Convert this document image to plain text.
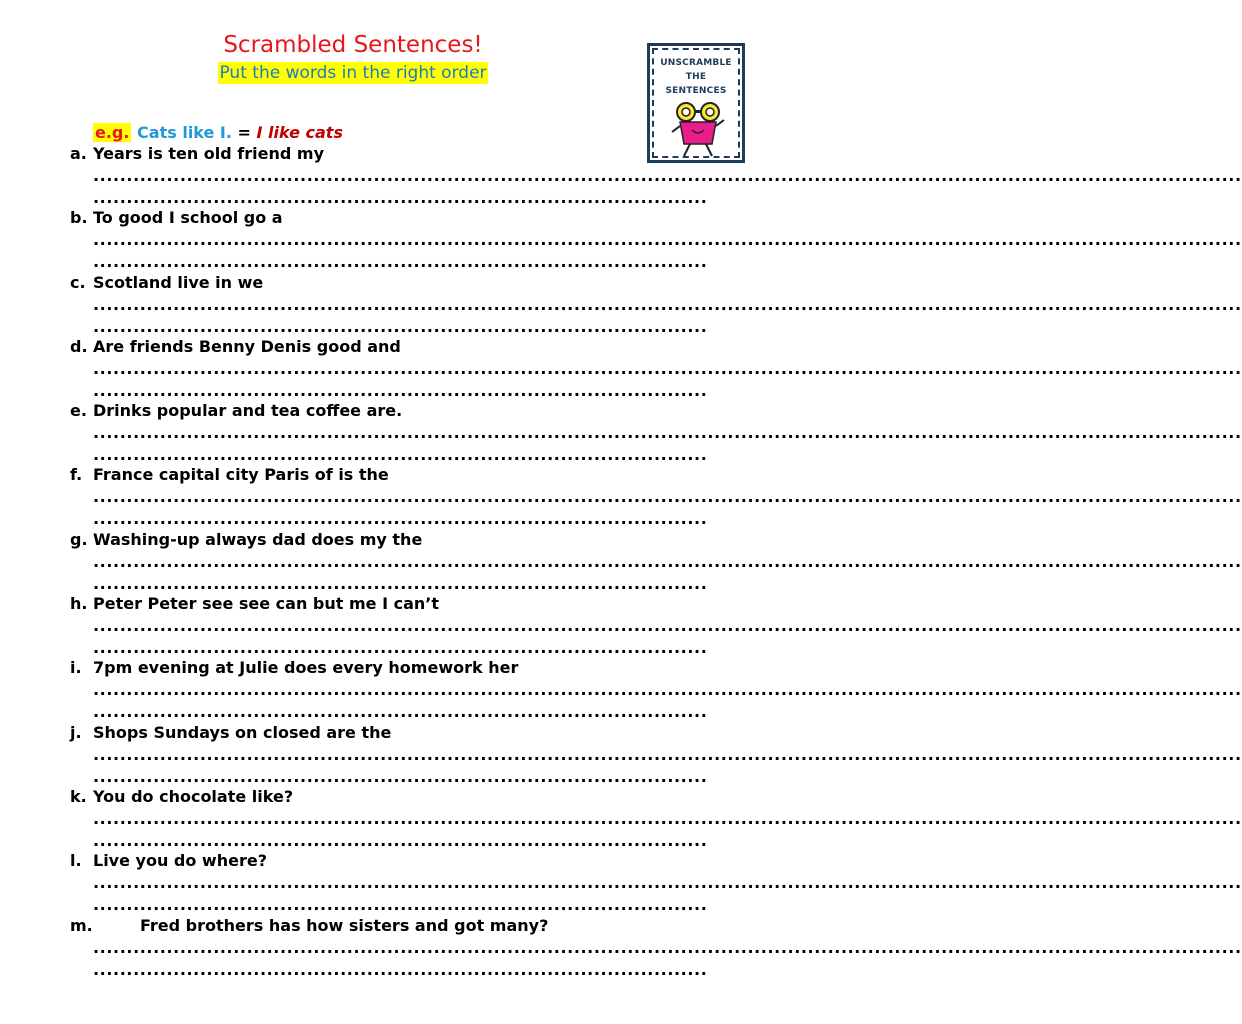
Scrambled Sentences!
Put the words in the right order	UNSCRAMBLE
THE
SENTENCES
e.g. Cats like I. = I like cats
a. Years is ten old friend my
............................................................................................................................................................................
............................................................................................
b. To good I school go a
............................................................................................................................................................................
............................................................................................
c. Scotland live in we
............................................................................................................................................................................
............................................................................................
d. Are friends Benny Denis good and
............................................................................................................................................................................
............................................................................................
e. Drinks popular and tea coffee are.
............................................................................................................................................................................
............................................................................................
f. France capital city Paris of is the
............................................................................................................................................................................
............................................................................................
g. Washing-up always dad does my the
............................................................................................................................................................................
............................................................................................
h. Peter Peter see see can but me I can’t
............................................................................................................................................................................
............................................................................................
i. 7pm evening at Julie does every homework her
............................................................................................................................................................................
............................................................................................
j. Shops Sundays on closed are the
............................................................................................................................................................................
............................................................................................
k. You do chocolate like?
............................................................................................................................................................................
............................................................................................
l. Live you do where?
............................................................................................................................................................................
............................................................................................
m.	Fred brothers has how sisters and got many?
............................................................................................................................................................................
............................................................................................
